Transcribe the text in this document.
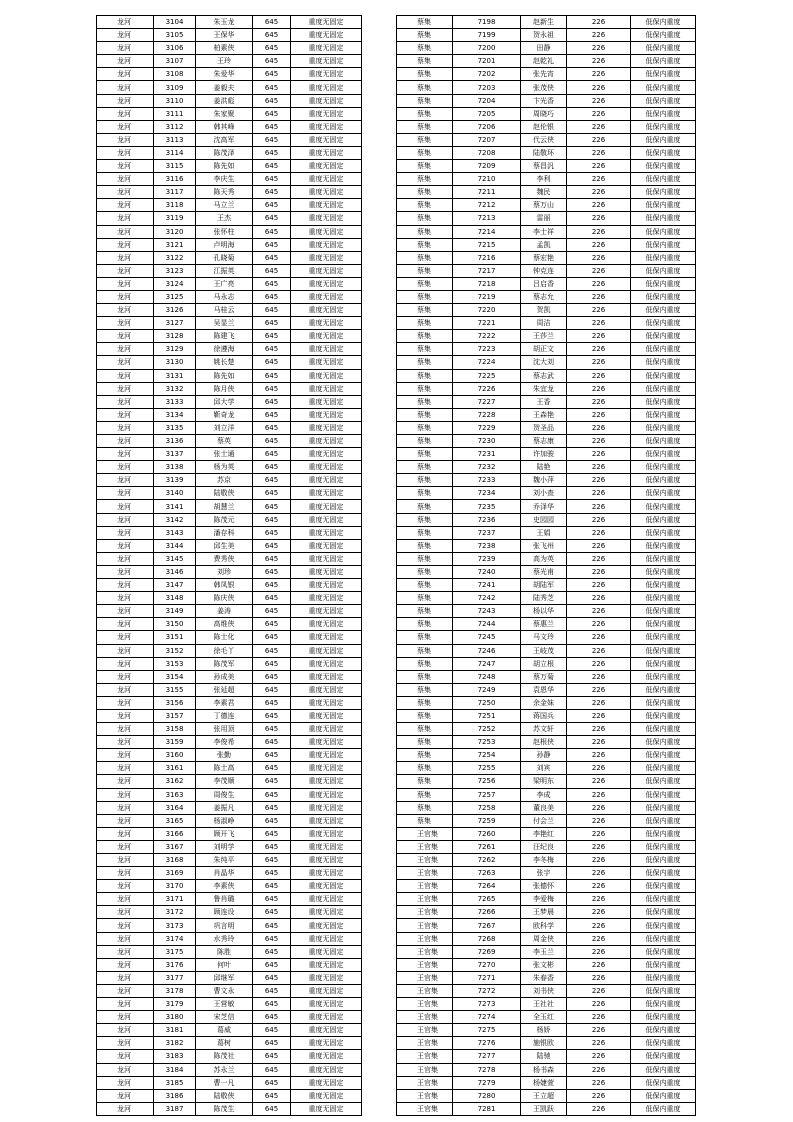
龙河	3104	朱玉龙	645	重度无固定
龙河	3105	王保华	645	重度无固定
龙河	3106	柏素侠	645	重度无固定
龙河	3107	王玲	645	重度无固定
龙河	3108	朱爱华	645	重度无固定
龙河	3109	姜毅夫	645	重度无固定
龙河	3110	姜洪彪	645	重度无固定
龙河	3111	朱家聚	645	重度无固定
龙河	3112	韩其峰	645	重度无固定
龙河	3113	沈高军	645	重度无固定
龙河	3114	陈茂泽	645	重度无固定
龙河	3115	陈先如	645	重度无固定
龙河	3116	李庆生	645	重度无固定
龙河	3117	陈天秀	645	重度无固定
龙河	3118	马立兰	645	重度无固定
龙河	3119	王杰	645	重度无固定
龙河	3120	张怀柱	645	重度无固定
龙河	3121	卢明海	645	重度无固定
龙河	3122	孔晓菊	645	重度无固定
龙河	3123	江振英	645	重度无固定
龙河	3124	王广亮	645	重度无固定
龙河	3125	马永志	645	重度无固定
龙河	3126	马桂云	645	重度无固定
龙河	3127	吴显兰	645	重度无固定
龙河	3128	陈建飞	645	重度无固定
龙河	3129	徐遵海	645	重度无固定
龙河	3130	姚长楚	645	重度无固定
龙河	3131	陈先如	645	重度无固定
龙河	3132	陈月侠	645	重度无固定
龙河	3133	邱大学	645	重度无固定
龙河	3134	靳奇龙	645	重度无固定
龙河	3135	刘立洋	645	重度无固定
龙河	3136	蔡英	645	重度无固定
龙河	3137	张士通	645	重度无固定
龙河	3138	杨为英	645	重度无固定
龙河	3139	苏京	645	重度无固定
龙河	3140	陆敬侠	645	重度无固定
龙河	3141	胡慧兰	645	重度无固定
龙河	3142	陈茂元	645	重度无固定
龙河	3143	潘存科	645	重度无固定
龙河	3144	邱生美	645	重度无固定
龙河	3145	费秀侠	645	重度无固定
龙河	3146	刘珍	645	重度无固定
龙河	3147	韩凤银	645	重度无固定
龙河	3148	陈庆侠	645	重度无固定
龙河	3149	姜涛	645	重度无固定
龙河	3150	高维侠	645	重度无固定
龙河	3151	陈士化	645	重度无固定
龙河	3152	徐毛丫	645	重度无固定
龙河	3153	陈茂军	645	重度无固定
龙河	3154	孙成美	645	重度无固定
龙河	3155	张延超	645	重度无固定
龙河	3156	李素君	645	重度无固定
龙河	3157	丁德连	645	重度无固定
龙河	3158	张用顶	645	重度无固定
龙河	3159	李俊希	645	重度无固定
龙河	3160	张勤	645	重度无固定
龙河	3161	陈士高	645	重度无固定
龙河	3162	李茂顺	645	重度无固定
龙河	3163	周俊生	645	重度无固定
龙河	3164	姜振凡	645	重度无固定
龙河	3165	杨淑峥	645	重度无固定
龙河	3166	顾开飞	645	重度无固定
龙河	3167	刘明学	645	重度无固定
龙河	3168	朱纯平	645	重度无固定
龙河	3169	肖晶华	645	重度无固定
龙河	3170	李素侠	645	重度无固定
龙河	3171	鲁肖璐	645	重度无固定
龙河	3172	顾连设	645	重度无固定
龙河	3173	巩言明	645	重度无固定
龙河	3174	水秀玲	645	重度无固定
龙河	3175	陈胜	645	重度无固定
龙河	3176	何叶	645	重度无固定
龙河	3177	邱继军	645	重度无固定
龙河	3178	曹文永	645	重度无固定
龙河	3179	王营敏	645	重度无固定
龙河	3180	宋芝信	645	重度无固定
龙河	3181	葛威	645	重度无固定
龙河	3182	葛树	645	重度无固定
龙河	3183	陈茂社	645	重度无固定
龙河	3184	苏永兰	645	重度无固定
龙河	3185	曹一凡	645	重度无固定
龙河	3186	陆敬侠	645	重度无固定
龙河	3187	陈茂生	645	重度无固定
蔡集	7198	赵新生	226	低保内重度
蔡集	7199	贺永祖	226	低保内重度
蔡集	7200	田静	226	低保内重度
蔡集	7201	赵乾礼	226	低保内重度
蔡集	7202	张先宵	226	低保内重度
蔡集	7203	张茂侠	226	低保内重度
蔡集	7204	卞光香	226	低保内重度
蔡集	7205	周晓巧	226	低保内重度
蔡集	7206	赵伦银	226	低保内重度
蔡集	7207	代云侠	226	低保内重度
蔡集	7208	陆敬环	226	低保内重度
蔡集	7209	蔡昌汎	226	低保内重度
蔡集	7210	李利	226	低保内重度
蔡集	7211	魏民	226	低保内重度
蔡集	7212	蔡万山	226	低保内重度
蔡集	7213	雷丽	226	低保内重度
蔡集	7214	李士祥	226	低保内重度
蔡集	7215	孟凯	226	低保内重度
蔡集	7216	蔡宏艳	226	低保内重度
蔡集	7217	钟克连	226	低保内重度
蔡集	7218	吕启香	226	低保内重度
蔡集	7219	蔡志允	226	低保内重度
蔡集	7220	贺凯	226	低保内重度
蔡集	7221	周洁	226	低保内重度
蔡集	7222	王莎兰	226	低保内重度
蔡集	7223	胡正文	226	低保内重度
蔡集	7224	沈大刘	226	低保内重度
蔡集	7225	蔡志武	226	低保内重度
蔡集	7226	朱宜龙	226	低保内重度
蔡集	7227	王香	226	低保内重度
蔡集	7228	王森艳	226	低保内重度
蔡集	7229	贺圣品	226	低保内重度
蔡集	7230	蔡志康	226	低保内重度
蔡集	7231	许加骏	226	低保内重度
蔡集	7232	陆艳	226	低保内重度
蔡集	7233	魏小萍	226	低保内重度
蔡集	7234	刘小查	226	低保内重度
蔡集	7235	乔泽华	226	低保内重度
蔡集	7236	史园园	226	低保内重度
蔡集	7237	王娟	226	低保内重度
蔡集	7238	张飞州	226	低保内重度
蔡集	7239	高为英	226	低保内重度
蔡集	7240	蔡光甫	226	低保内重度
蔡集	7241	胡陆军	226	低保内重度
蔡集	7242	陆秀芝	226	低保内重度
蔡集	7243	杨以华	226	低保内重度
蔡集	7244	蔡惠兰	226	低保内重度
蔡集	7245	马文玲	226	低保内重度
蔡集	7246	王岐茂	226	低保内重度
蔡集	7247	胡立根	226	低保内重度
蔡集	7248	蔡万菊	226	低保内重度
蔡集	7249	袁恩华	226	低保内重度
蔡集	7250	余金妹	226	低保内重度
蔡集	7251	蒋国兵	226	低保内重度
蔡集	7252	苏文轩	226	低保内重度
蔡集	7253	赵根侠	226	低保内重度
蔡集	7254	孙静	226	低保内重度
蔡集	7255	刘宾	226	低保内重度
蔡集	7256	梁明东	226	低保内重度
蔡集	7257	李成	226	低保内重度
蔡集	7258	董良美	226	低保内重度
蔡集	7259	付会兰	226	低保内重度
王官集	7260	李艳红	226	低保内重度
王官集	7261	汪纪良	226	低保内重度
王官集	7262	李冬梅	226	低保内重度
王官集	7263	张宇	226	低保内重度
王官集	7264	张德怀	226	低保内重度
王官集	7265	李爱梅	226	低保内重度
王官集	7266	王梦晨	226	低保内重度
王官集	7267	欧科学	226	低保内重度
王官集	7268	周金侠	226	低保内重度
王官集	7269	李玉兰	226	低保内重度
王官集	7270	张文彬	226	低保内重度
王官集	7271	朱春香	226	低保内重度
王官集	7272	刘书侠	226	低保内重度
王官集	7273	王社社	226	低保内重度
王官集	7274	全玉红	226	低保内重度
王官集	7275	杨娇	226	低保内重度
王官集	7276	施银欧	226	低保内重度
王官集	7277	陆驰	226	低保内重度
王官集	7278	杨书森	226	低保内重度
王官集	7279	杨婕萱	226	低保内重度
王官集	7280	王立超	226	低保内重度
王官集	7281	王凯跃	226	低保内重度
